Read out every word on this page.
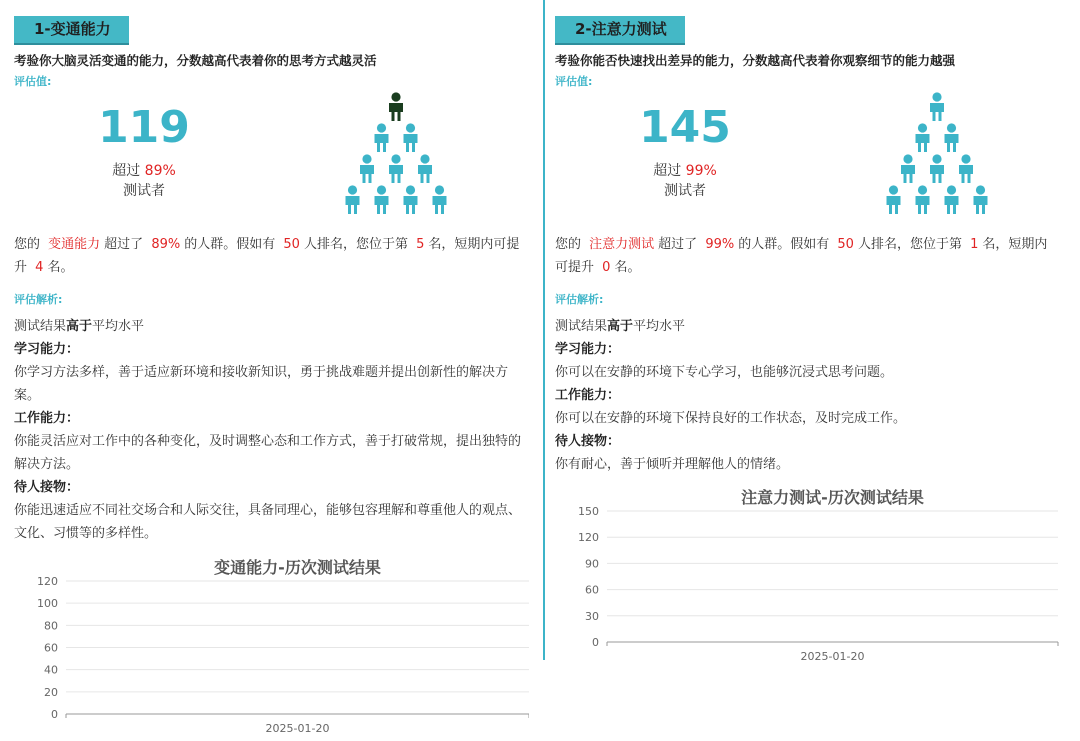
1-变通能力
考验你大脑灵活变通的能力，分数越高代表着你的思考方式越灵活
评估值:
119
超过 89%
测试者
您的 变通能力 超过了 89% 的人群。假如有 50 人排名，您位于第 5 名，短期内可提升 4 名。
评估解析:
测试结果高于平均水平
学习能力：
你学习方法多样，善于适应新环境和接收新知识，勇于挑战难题并提出创新性的解决方案。
工作能力：
你能灵活应对工作中的各种变化，及时调整心态和工作方式，善于打破常规，提出独特的解决方法。
待人接物：
你能迅速适应不同社交场合和人际交往，具备同理心，能够包容理解和尊重他人的观点、文化、习惯等的多样性。
变通能力-历次测试结果
0
20
40
60
80
100
120
2025-01-20
2-注意力测试
考验你能否快速找出差异的能力，分数越高代表着你观察细节的能力越强
评估值:
145
超过 99%
测试者
您的 注意力测试 超过了 99% 的人群。假如有 50 人排名，您位于第 1 名，短期内可提升 0 名。
评估解析:
测试结果高于平均水平
学习能力：
你可以在安静的环境下专心学习，也能够沉浸式思考问题。
工作能力：
你可以在安静的环境下保持良好的工作状态，及时完成工作。
待人接物：
你有耐心，善于倾听并理解他人的情绪。
注意力测试-历次测试结果
0
30
60
90
120
150
2025-01-20
